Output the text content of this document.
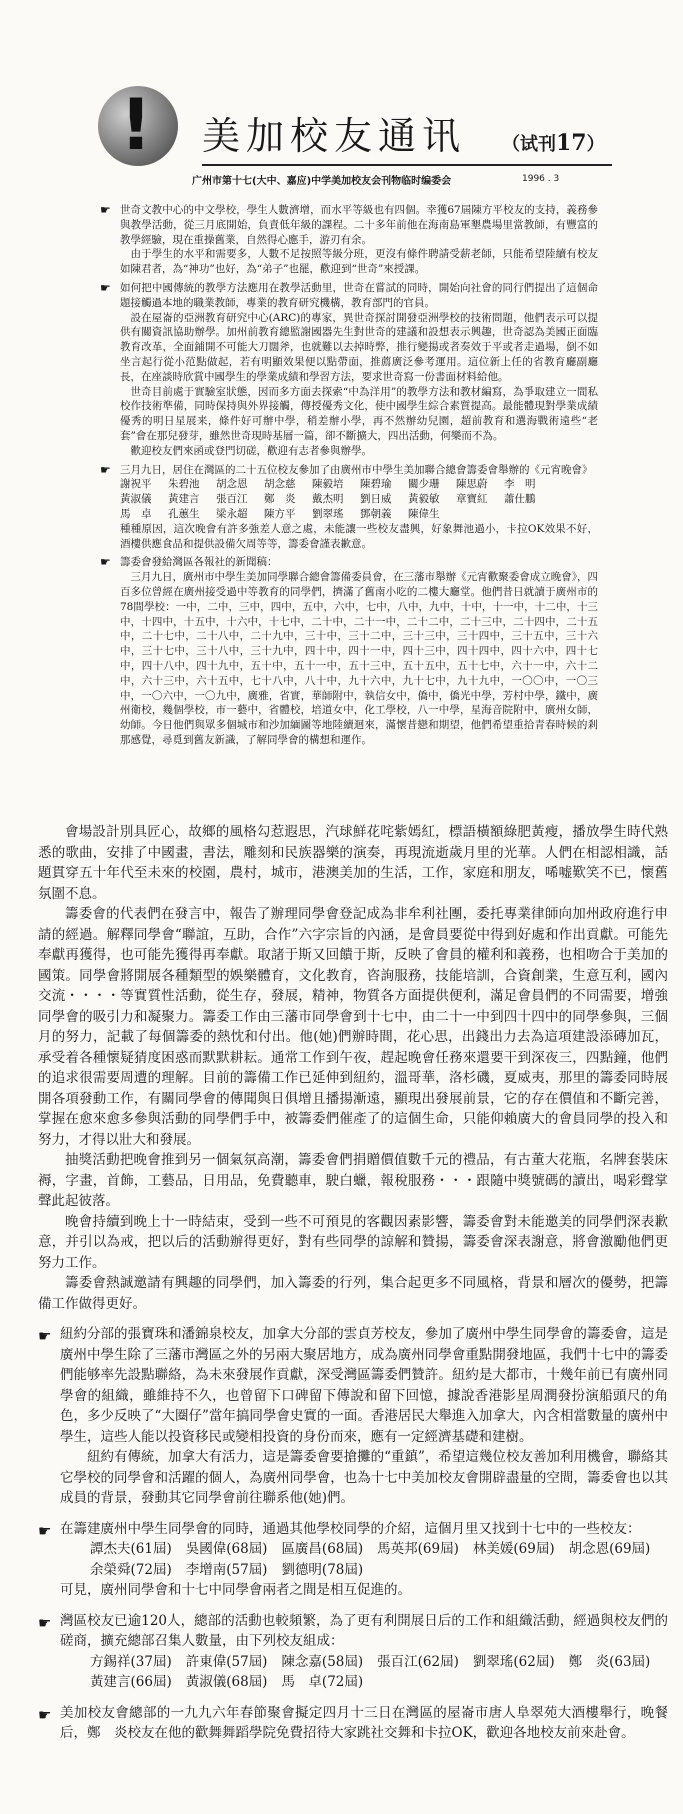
! 美加校友通讯 （试刊17）
广州市第十七(大中、嘉应)中学美加校友会刊物临时编委会	1996 . 3
☛ 世奇文教中心的中文學校，學生人數濟增，而水平等級也有四個。幸獲67屆陳方平校友的支持，義務參與教學活動，從三月底開始，負責低年級的課程。二十多年前他在海南島軍墾農場里當教師，有豐富的教學經驗，現在重操舊業，自然得心應手，游刃有余。

由于學生的水平和需要多，人數不足按照等級分班，更沒有條件聘請受薪老師，只能希望陸續有校友如陳君者，為“神功”也好，為“弟子”也罷，歡迎到“世奇”來授課。

☛ 如何把中國傳統的教學方法應用在教學活動里，世奇在嘗試的同時，開始向社會的同行們提出了這個命題接觸過本地的職業教師，專業的教育研究機構，教育部門的官員。

設在屋崙的亞洲教育研究中心(ARC)的專家，異世奇探討開發亞洲學校的技術問題，他們表示可以提供有關資訊協助辦學。加州前教育總監謝國器先生對世奇的建議和設想表示興趣，世奇認為美國正面臨教育改革，全面鋪開不可能大刀闊斧，也就難以去掉時弊，推行變揚或者奏效于平或者走過場，倒不如坐言起行從小范點做起，若有明顯效果便以點帶面，推薦廣泛參考運用。這位新上任的省教育廳副廳長，在座談時欣賞中國學生的學業成績和學習方法，要求世奇寫一份書面材料給他。

世奇目前處于實驗室狀態，因而多方面去探索“中為洋用”的教學方法和教材編寫，為爭取建立一間私校作技術準備，同時保持與外界接觸，傳授優秀文化，使中國學生綜合素質提高。最能體現對學業成績優秀的明日星展来，條件好可辦中學，稍差辦小學，再不然辦幼兒園，超前教育和選海戰術遠些“老套”會在那兒發芽，雖然世奇現時基層一篇，卻不斷擴大，四出活動，何樂而不為。

歡迎校友們來函或登門切磋，歡迎有志者參與辦學。

☛ 三月九日，居住在灣區的二十五位校友參加了由廣州市中學生美加聯合總會籌委會舉辦的《元宵晚會》

謝祝平	朱碧池	胡念恩	胡念慈	陳毅培	陳碧瑜	關少珊	陳思蔚	李　明
黃淑儀	黃建言	張百江	鄭　炎	戴杰明	劉日威	黃毅敏	章寶紅	蕭仕鵬
馬　卓	孔蕙生	梁永超	陳方平	劉翠瑤	鄧朝義	陳偉生

種種原因，這次晚會有許多強差人意之處，未能讓一些校友盡興，好象舞池過小，卡拉OK效果不好，酒樓供應食品和提供設備欠周等等，籌委會謹表歉意。

☛ 籌委會發給灣區各報社的新聞稿：

三月九日，廣州市中學生美加同學聯合總會籌備委員會，在三藩市舉辦《元宵歡聚委會成立晚會》，四百多位曾經在廣州接受過中等教育的同學們，擠滿了舊南小吃的二樓大廳堂。他們昔日就讀于廣州市的78間學校：一中，二中，三中，四中，五中，六中，七中，八中，九中，十中，十一中，十二中，十三中，十四中，十五中，十六中，十七中，二十中，二十一中，二十二中，二十三中，二十四中，二十五中，二十七中，二十八中，二十九中，三十中，三十二中，三十三中，三十四中，三十五中，三十六中，三十七中，三十八中，三十九中，四十中，四十一中，四十三中，四十四中，四十六中，四十七中，四十八中，四十九中，五十中，五十一中，五十三中，五十五中，五十七中，六十一中，六十二中，六十三中，六十五中，七十八中，八十中，九十六中，九十七中，九十九中，一〇〇中，一〇三中，一〇六中，一〇九中，廣雅，省實，華師附中，執信女中，僑中，僑光中學，芳村中學，鐵中，廣州衛校，幾個學校，市一藝中，省體校，培道女中，化工學校，八一中學，星海音院附中，廣州女師，幼師。今日他們與眾多個城市和沙加緬圖等地陸續迴來，滿懷昔戀和期望，他們希望重拾青春時候的剎那感覺，尋覓到舊友新識，了解同學會的構想和運作。

會場設計別具匠心，故鄉的風格勾惹遐思，汽球鮮花咤紫嫣紅，標語橫額綠肥黃瘦，播放學生時代熟悉的歌曲，安排了中國畫，書法，雕刻和民族器樂的演奏，再現流逝歲月里的光華。人們在相認相識，話題貫穿五十年代至未來的校園，農村，城市，港澳美加的生活，工作，家庭和朋友，唏嘘歎笑不已，懷舊氛圍不息。

籌委會的代表們在發言中，報告了辦理同學會登記成為非牟利社團，委托專業律師向加州政府進行申請的經過。解釋同學會“聯誼，互助，合作”六字宗旨的內涵，是會員要從中得到好處和作出貢獻。可能先奉獻再獲得，也可能先獲得再奉獻。取諸于斯又回饋于斯，反映了會員的權利和義務，也相吻合于美加的國策。同學會將開展各種類型的娛樂體育，文化教育，咨詢服務，技能培訓，合資創業，生意互利，國內交流・・・・等實質性活動，從生存，發展，精神，物質各方面提供便利，滿足會員們的不同需要，增強同學會的吸引力和凝聚力。籌委工作由三藩市同學會到十七中，由二十一中到四十四中的同學參與，三個月的努力，記載了每個籌委的熱忱和付出。他(她)們辦時間，花心思，出錢出力去為這項建設添磚加瓦，承受着各種懷疑猜度困惑而默默耕耘。通常工作到午夜，趕起晚會任務來還要干到深夜三，四點鐘，他們的追求很需要周遭的理解。目前的籌備工作已延伸到紐約，溫哥華，洛杉磯，夏威夷，那里的籌委同時展開各項發動工作，有關同學會的傳聞與日俱增且播揚漸遠，顯現出發展前景，它的存在價值和不斷完善，掌握在愈來愈多參與活動的同學們手中，被籌委們催產了的這個生命，只能仰賴廣大的會員同學的投入和努力，才得以壯大和發展。

抽獎活動把晚會推到另一個氣氛高潮，籌委會們捐贈價值數千元的禮品，有古董大花瓶，名牌套裝床褥，字畫，首飾，工藝品，日用品，免費聽車，駛白蠟，報稅服務・・・跟隨中獎號碼的讀出，喝彩聲掌聲此起彼落。

晚會持續到晚上十一時結束，受到一些不可預見的客觀因素影響，籌委會對未能邀美的同學們深表歉意，并引以為戒，把以后的活動辦得更好，對有些同學的諒解和贊揚，籌委會深表謝意，將會激勵他們更努力工作。

籌委會熱誠邀請有興趣的同學們，加入籌委的行列，集合起更多不同風格，背景和層次的優勢，把籌備工作做得更好。

☛ 紐約分部的張寶珠和潘錦泉校友，加拿大分部的雲貞芳校友，參加了廣州中學生同學會的籌委會，這是廣州中學生除了三藩市灣區之外的另兩大聚居地方，成為廣州同學會重點開發地區，我們十七中的籌委們能够率先設點聯絡，為未來發展作貢獻，深受灣區籌委們贊許。紐約是大都市，十幾年前已有廣州同學會的組織，雖維持不久，也曾留下口碑留下傳說和留下回憶，據說香港影星周潤發扮演船頭尺的角色，多少反映了“大圈仔”當年搞同學會史實的一面。香港居民大舉進入加拿大，內含相當數量的廣州中學生，這些人能以投資移民或變相投資的身份而來，應有一定經濟基礎和建樹。

紐約有傳統，加拿大有活力，這是籌委會要搶攤的“重鎮”，希望這幾位校友善加利用機會，聯絡其它學校的同學會和活躍的個人，為廣州同學會，也為十七中美加校友會開辟盡量的空間，籌委會也以其成員的背景，發動其它同學會前往聯系他(她)們。

☛ 在籌建廣州中學生同學會的同時，通過其他學校同學的介紹，這個月里又找到十七中的一些校友：

譚杰夫(61屆) 吳國偉(68屆) 區廣昌(68屆) 馬英邦(69屆) 林美媛(69屆) 胡念恩(69屆)
余榮舜(72屆) 李增南(57屆) 劉德明(78屆)

可見，廣州同學會和十七中同學會兩者之間是相互促進的。

☛ 灣區校友已逾120人，總部的活動也較頻繁，為了更有利開展日后的工作和組織活動，經過與校友們的磋商，擴充總部召集人數量，由下列校友組成：

方錫祥(37屆) 許東偉(57屆) 陳念嘉(58屆) 張百江(62屆) 劉翠瑤(62屆) 鄭　炎(63屆)
黃建言(66屆) 黃淑儀(68屆) 馬　卓(72屆)
☛ 美加校友會總部的一九九六年春節聚會擬定四月十三日在灣區的屋崙市唐人阜翠苑大酒樓舉行，晚餐后，鄭　炎校友在他的歡舞舞蹈學院免費招待大家跳社交舞和卡拉OK，歡迎各地校友前來赴會。
